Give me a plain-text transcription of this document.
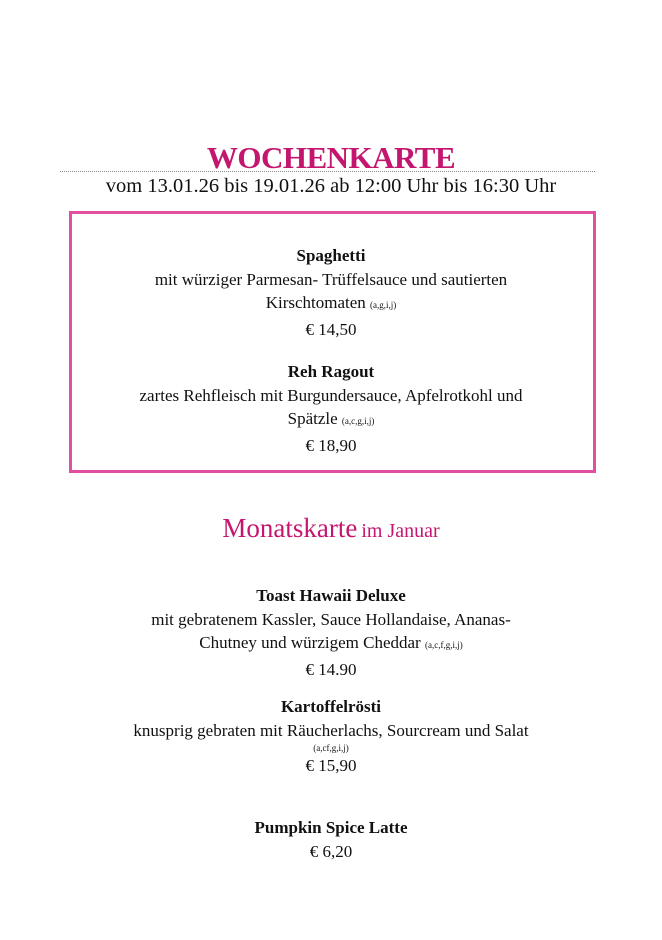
WOCHENKARTE
vom 13.01.26 bis 19.01.26 ab 12:00 Uhr bis 16:30 Uhr
Spaghetti
mit würziger Parmesan- Trüffelsauce und sautierten
Kirschtomaten (a,g,i,j)
€ 14,50
Reh Ragout
zartes Rehfleisch mit Burgundersauce, Apfelrotkohl und
Spätzle (a,c,g,i,j)
€ 18,90
Monatskarte im Januar
Toast Hawaii Deluxe
mit gebratenem Kassler, Sauce Hollandaise, Ananas-
Chutney und würzigem Cheddar (a,c,f,g,i,j)
€ 14.90
Kartoffelrösti
knusprig gebraten mit Räucherlachs, Sourcream und Salat
(a,cf,g,i,j)
€ 15,90
Pumpkin Spice Latte
€ 6,20
